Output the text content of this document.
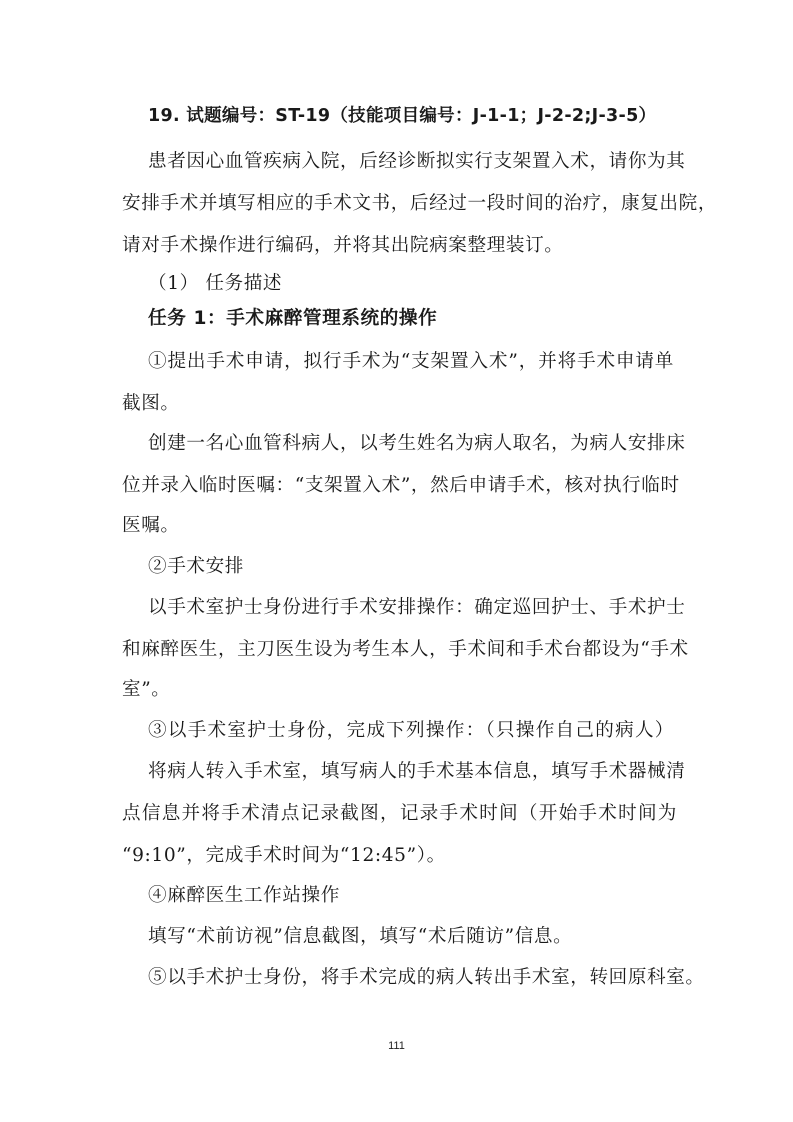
19. 试题编号：ST-19（技能项目编号：J-1-1；J-2-2;J-3-5）
患者因心血管疾病入院，后经诊断拟实行支架置入术，请你为其
安排手术并填写相应的手术文书，后经过一段时间的治疗，康复出院，
请对手术操作进行编码，并将其出院病案整理装订。
（1） 任务描述
任务 1：手术麻醉管理系统的操作
①提出手术申请，拟行手术为“支架置入术”，并将手术申请单
截图。
创建一名心血管科病人，以考生姓名为病人取名，为病人安排床
位并录入临时医嘱：“支架置入术”，然后申请手术，核对执行临时
医嘱。
②手术安排
以手术室护士身份进行手术安排操作：确定巡回护士、手术护士
和麻醉医生，主刀医生设为考生本人，手术间和手术台都设为“手术
室”。
③以手术室护士身份，完成下列操作：（只操作自己的病人）
将病人转入手术室，填写病人的手术基本信息，填写手术器械清
点信息并将手术清点记录截图，记录手术时间（开始手术时间为
“9:10”，完成手术时间为“12:45”）。
④麻醉医生工作站操作
填写“术前访视”信息截图，填写“术后随访”信息。
⑤以手术护士身份，将手术完成的病人转出手术室，转回原科室。
111
